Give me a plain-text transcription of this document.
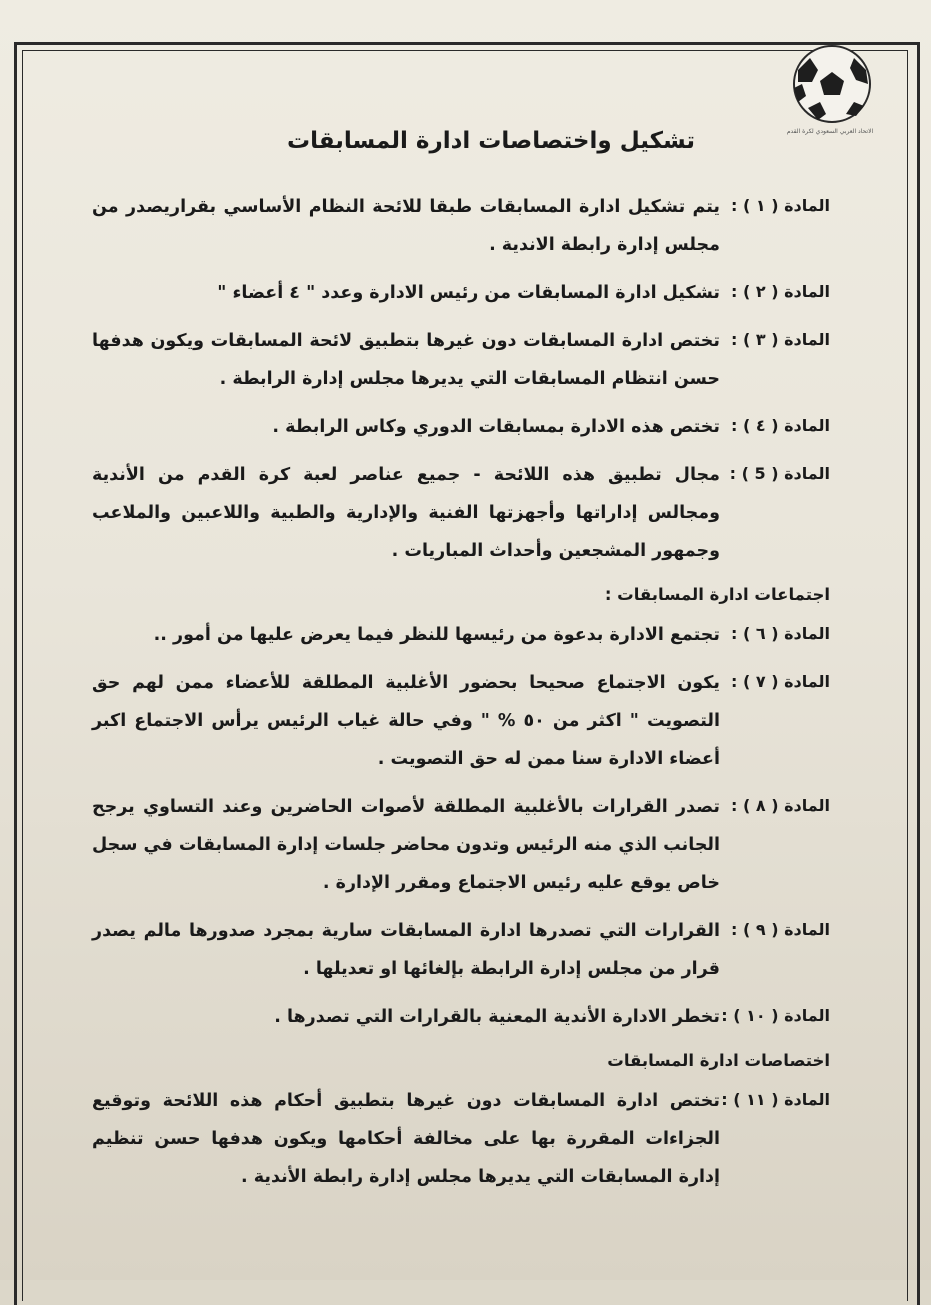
الاتحاد العربي السعودي لكرة القدم
تشكيل واختصاصات ادارة المسابقات
المادة ( ١ ) :
يتم تشكيل ادارة المسابقات طبقا للائحة النظام الأساسي بقراريصدر من مجلس إدارة رابطة الاندية .
المادة ( ٢ ) :
تشكيل ادارة المسابقات من رئيس الادارة وعدد " ٤ أعضاء "
المادة ( ٣ ) :
تختص ادارة المسابقات دون غيرها بتطبيق لائحة المسابقات ويكون هدفها حسن انتظام المسابقات التي يديرها مجلس إدارة الرابطة .
المادة ( ٤ ) :
تختص هذه الادارة بمسابقات الدوري وكاس الرابطة .
المادة ( 5 ) :
مجال تطبيق هذه اللائحة - جميع عناصر لعبة كرة القدم من الأندية ومجالس إداراتها وأجهزتها الفنية والإدارية والطبية واللاعبين والملاعب وجمهور المشجعين وأحداث المباريات .
اجتماعات ادارة المسابقات :
المادة ( ٦ ) :
تجتمع الادارة بدعوة من رئيسها للنظر فيما يعرض عليها من أمور ..
المادة ( ٧ ) :
يكون الاجتماع صحيحا بحضور الأغلبية المطلقة للأعضاء ممن لهم حق التصويت " اكثر من ٥٠ % " وفي حالة غياب الرئيس يرأس الاجتماع اكبر أعضاء الادارة سنا ممن له حق التصويت .
المادة ( ٨ ) :
تصدر القرارات بالأغلبية المطلقة لأصوات الحاضرين وعند التساوي يرجح الجانب الذي منه الرئيس وتدون محاضر جلسات إدارة المسابقات في سجل خاص يوقع عليه رئيس الاجتماع ومقرر الإدارة .
المادة ( ٩ ) :
القرارات التي تصدرها ادارة المسابقات سارية بمجرد صدورها مالم يصدر قرار من مجلس إدارة الرابطة بإلغائها او تعديلها .
المادة ( ١٠ ) :
تخطر الادارة الأندية المعنية بالقرارات التي تصدرها .
اختصاصات ادارة المسابقات
المادة ( ١١ ) :
تختص ادارة المسابقات دون غيرها بتطبيق أحكام هذه اللائحة وتوقيع الجزاءات المقررة بها على مخالفة أحكامها ويكون هدفها حسن تنظيم إدارة المسابقات التي يديرها مجلس إدارة رابطة الأندية .
